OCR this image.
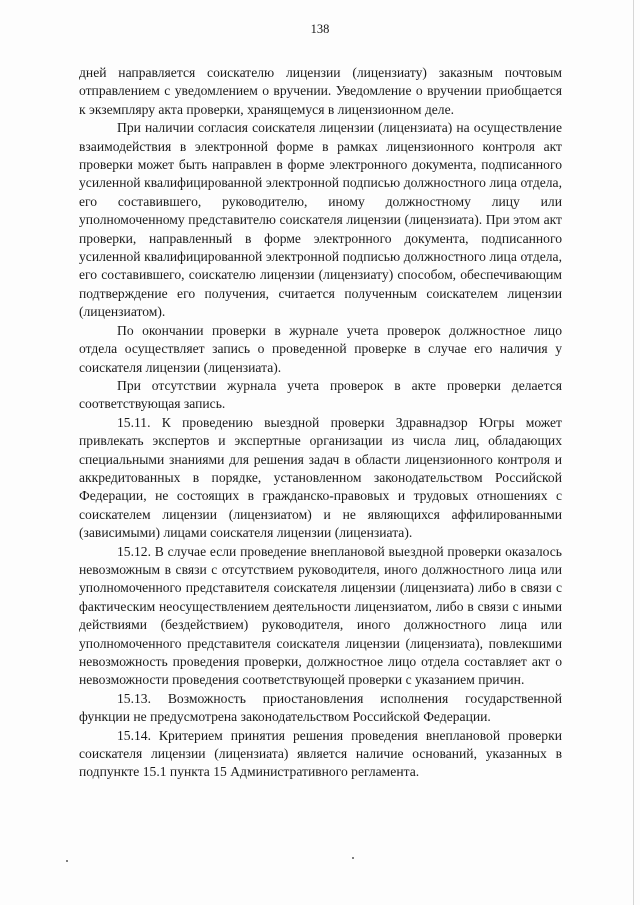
138

дней направляется соискателю лицензии (лицензиату) заказным почтовым отправлением с уведомлением о вручении. Уведомление о вручении приобщается к экземпляру акта проверки, хранящемуся в лицензионном деле.

При наличии согласия соискателя лицензии (лицензиата) на осуществление взаимодействия в электронной форме в рамках лицензионного контроля акт проверки может быть направлен в форме электронного документа, подписанного усиленной квалифицированной электронной подписью должностного лица отдела, его составившего, руководителю, иному должностному лицу или уполномоченному представителю соискателя лицензии (лицензиата). При этом акт проверки, направленный в форме электронного документа, подписанного усиленной квалифицированной электронной подписью должностного лица отдела, его составившего, соискателю лицензии (лицензиату) способом, обеспечивающим подтверждение его получения, считается полученным соискателем лицензии (лицензиатом).

По окончании проверки в журнале учета проверок должностное лицо отдела осуществляет запись о проведенной проверке в случае его наличия у соискателя лицензии (лицензиата).

При отсутствии журнала учета проверок в акте проверки делается соответствующая запись.

15.11. К проведению выездной проверки Здравнадзор Югры может привлекать экспертов и экспертные организации из числа лиц, обладающих специальными знаниями для решения задач в области лицензионного контроля и аккредитованных в порядке, установленном законодательством Российской Федерации, не состоящих в гражданско-правовых и трудовых отношениях с соискателем лицензии (лицензиатом) и не являющихся аффилированными (зависимыми) лицами соискателя лицензии (лицензиата).

15.12. В случае если проведение внеплановой выездной проверки оказалось невозможным в связи с отсутствием руководителя, иного должностного лица или уполномоченного представителя соискателя лицензии (лицензиата) либо в связи с фактическим неосуществлением деятельности лицензиатом, либо в связи с иными действиями (бездействием) руководителя, иного должностного лица или уполномоченного представителя соискателя лицензии (лицензиата), повлекшими невозможность проведения проверки, должностное лицо отдела составляет акт о невозможности проведения соответствующей проверки с указанием причин.

15.13. Возможность приостановления исполнения государственной функции не предусмотрена законодательством Российской Федерации.

15.14. Критерием принятия решения проведения внеплановой проверки соискателя лицензии (лицензиата) является наличие оснований, указанных в подпункте 15.1 пункта 15 Административного регламента.
